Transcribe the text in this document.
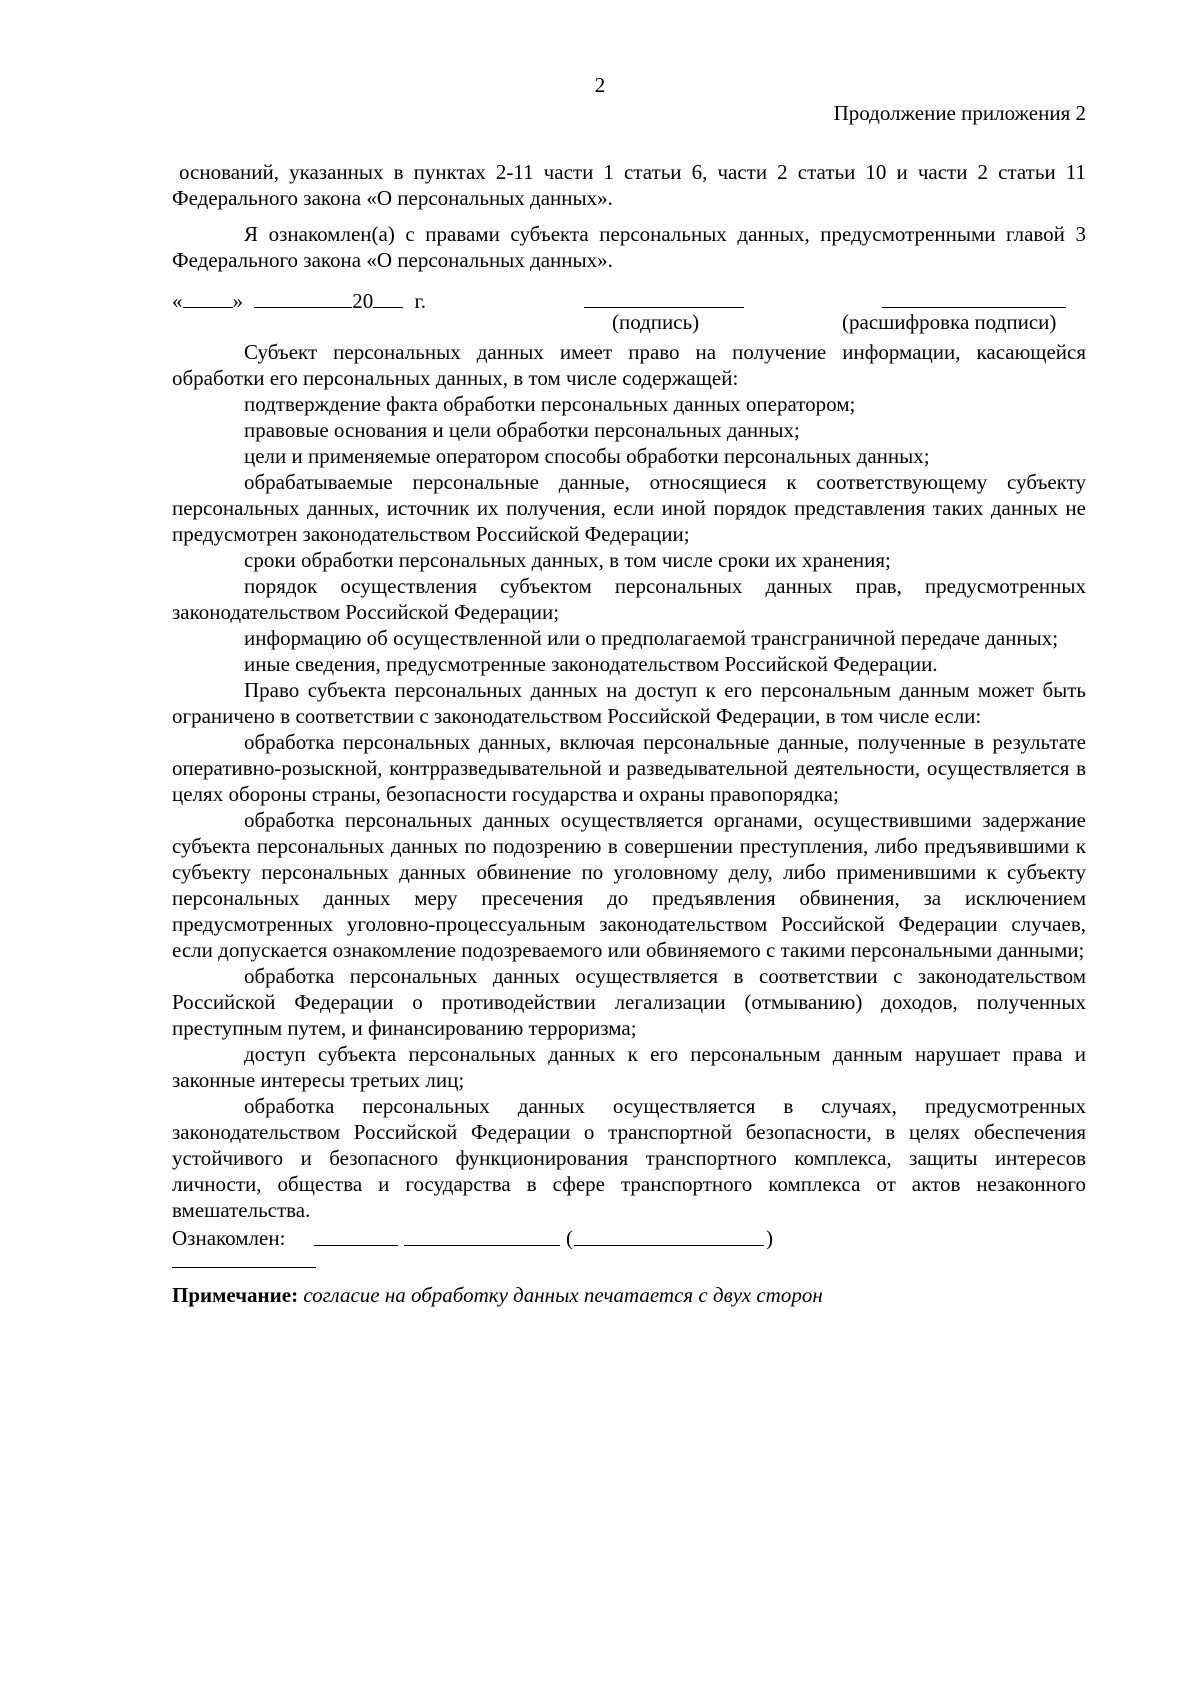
2
Продолжение приложения 2

оснований, указанных в пунктах 2-11 части 1 статьи 6, части 2 статьи 10 и части 2 статьи 11 Федерального закона «О персональных данных».

Я ознакомлен(а) с правами субъекта персональных данных, предусмотренными главой 3 Федерального закона «О персональных данных».

« »	20 г.
(подпись)	(расшифровка подписи)

Субъект персональных данных имеет право на получение информации, касающейся обработки его персональных данных, в том числе содержащей:

подтверждение факта обработки персональных данных оператором;

правовые основания и цели обработки персональных данных;

цели и применяемые оператором способы обработки персональных данных;

обрабатываемые персональные данные, относящиеся к соответствующему субъекту персональных данных, источник их получения, если иной порядок представления таких данных не предусмотрен законодательством Российской Федерации;

сроки обработки персональных данных, в том числе сроки их хранения;

порядок осуществления субъектом персональных данных прав, предусмотренных законодательством Российской Федерации;

информацию об осуществленной или о предполагаемой трансграничной передаче данных;

иные сведения, предусмотренные законодательством Российской Федерации.

Право субъекта персональных данных на доступ к его персональным данным может быть ограничено в соответствии с законодательством Российской Федерации, в том числе если:

обработка персональных данных, включая персональные данные, полученные в результате оперативно-розыскной, контрразведывательной и разведывательной деятельности, осуществляется в целях обороны страны, безопасности государства и охраны правопорядка;

обработка персональных данных осуществляется органами, осуществившими задержание субъекта персональных данных по подозрению в совершении преступления, либо предъявившими к субъекту персональных данных обвинение по уголовному делу, либо применившими к субъекту персональных данных меру пресечения до предъявления обвинения, за исключением предусмотренных уголовно-процессуальным законодательством Российской Федерации случаев, если допускается ознакомление подозреваемого или обвиняемого с такими персональными данными;

обработка персональных данных осуществляется в соответствии с законодательством Российской Федерации о противодействии легализации (отмыванию) доходов, полученных преступным путем, и финансированию терроризма;

доступ субъекта персональных данных к его персональным данным нарушает права и законные интересы третьих лиц;

обработка персональных данных осуществляется в случаях, предусмотренных законодательством Российской Федерации о транспортной безопасности, в целях обеспечения устойчивого и безопасного функционирования транспортного комплекса, защиты интересов личности, общества и государства в сфере транспортного комплекса от актов незаконного вмешательства.

Ознакомлен:	(	)
Примечание: согласие на обработку данных печатается с двух сторон
